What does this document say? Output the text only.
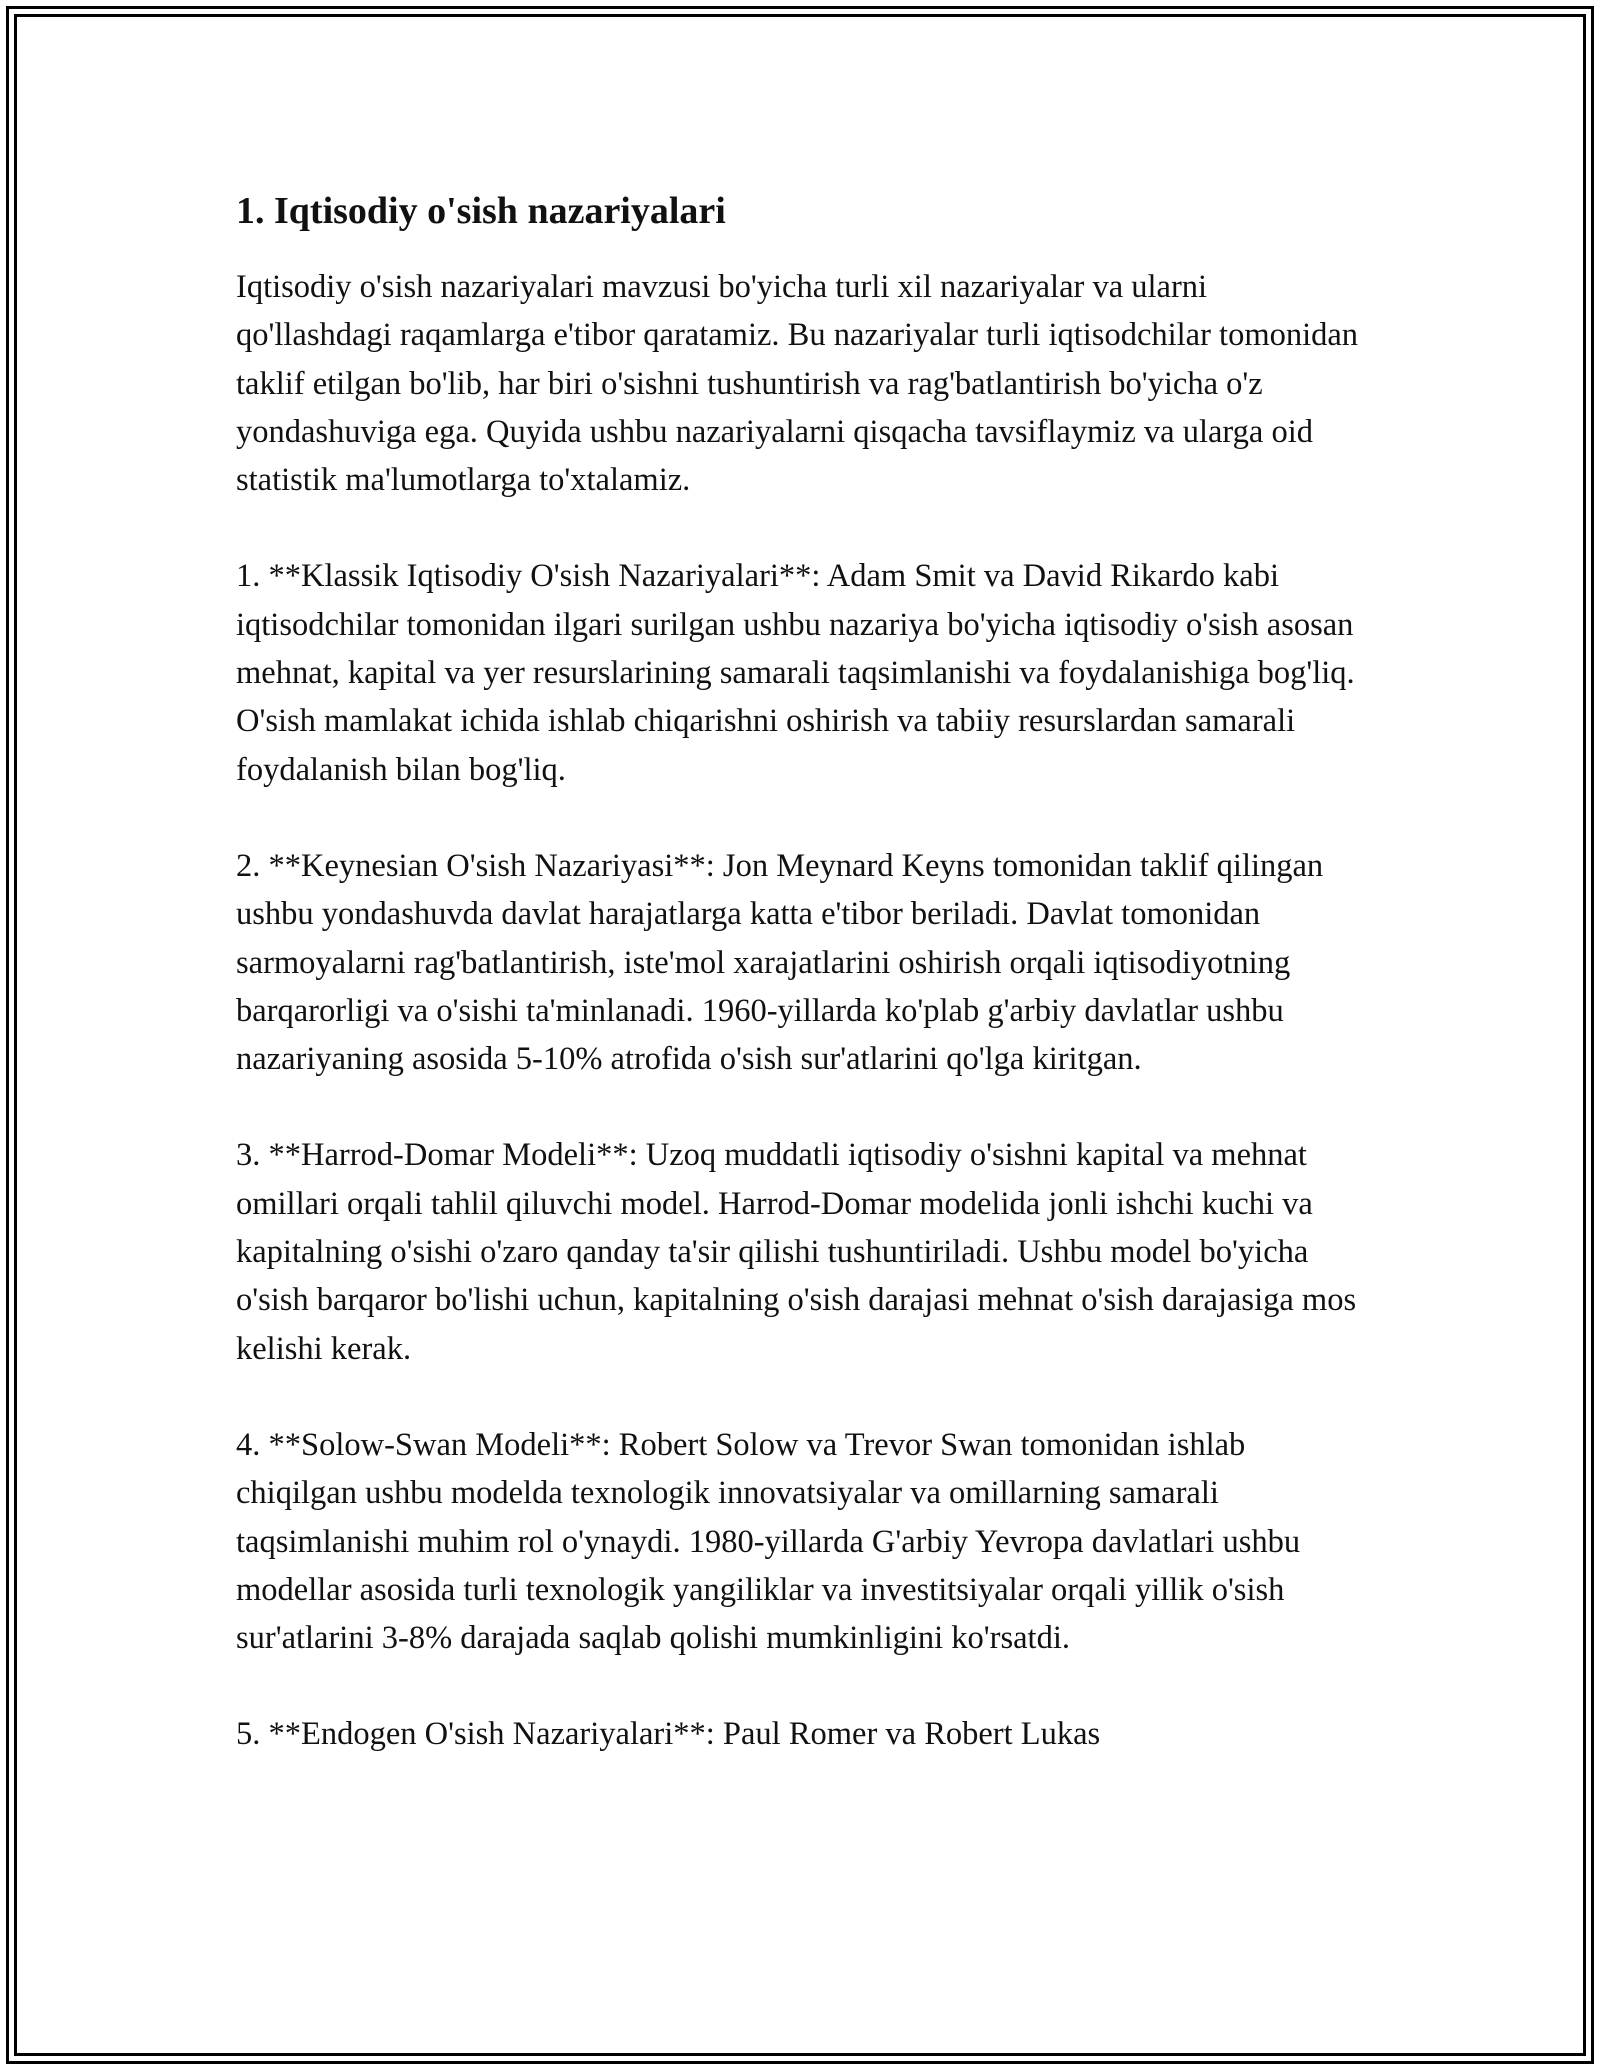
1. Iqtisodiy o'sish nazariyalari

Iqtisodiy o'sish nazariyalari mavzusi bo'yicha turli xil nazariyalar va ularni qo'llashdagi raqamlarga e'tibor qaratamiz. Bu nazariyalar turli iqtisodchilar tomonidan taklif etilgan bo'lib, har biri o'sishni tushuntirish va rag'batlantirish bo'yicha o'z yondashuviga ega. Quyida ushbu nazariyalarni qisqacha tavsiflaymiz va ularga oid statistik ma'lumotlarga to'xtalamiz.

1. **Klassik Iqtisodiy O'sish Nazariyalari**: Adam Smit va David Rikardo kabi iqtisodchilar tomonidan ilgari surilgan ushbu nazariya bo'yicha iqtisodiy o'sish asosan mehnat, kapital va yer resurslarining samarali taqsimlanishi va foydalanishiga bog'liq. O'sish mamlakat ichida ishlab chiqarishni oshirish va tabiiy resurslardan samarali foydalanish bilan bog'liq.

2. **Keynesian O'sish Nazariyasi**: Jon Meynard Keyns tomonidan taklif qilingan ushbu yondashuvda davlat harajatlarga katta e'tibor beriladi. Davlat tomonidan sarmoyalarni rag'batlantirish, iste'mol xarajatlarini oshirish orqali iqtisodiyotning barqarorligi va o'sishi ta'minlanadi. 1960-yillarda ko'plab g'arbiy davlatlar ushbu nazariyaning asosida 5-10% atrofida o'sish sur'atlarini qo'lga kiritgan.

3. **Harrod-Domar Modeli**: Uzoq muddatli iqtisodiy o'sishni kapital va mehnat omillari orqali tahlil qiluvchi model. Harrod-Domar modelida jonli ishchi kuchi va kapitalning o'sishi o'zaro qanday ta'sir qilishi tushuntiriladi. Ushbu model bo'yicha o'sish barqaror bo'lishi uchun, kapitalning o'sish darajasi mehnat o'sish darajasiga mos kelishi kerak.

4. **Solow-Swan Modeli**: Robert Solow va Trevor Swan tomonidan ishlab chiqilgan ushbu modelda texnologik innovatsiyalar va omillarning samarali taqsimlanishi muhim rol o'ynaydi. 1980-yillarda G'arbiy Yevropa davlatlari ushbu modellar asosida turli texnologik yangiliklar va investitsiyalar orqali yillik o'sish sur'atlarini 3-8% darajada saqlab qolishi mumkinligini ko'rsatdi.

5. **Endogen O'sish Nazariyalari**: Paul Romer va Robert Lukas
